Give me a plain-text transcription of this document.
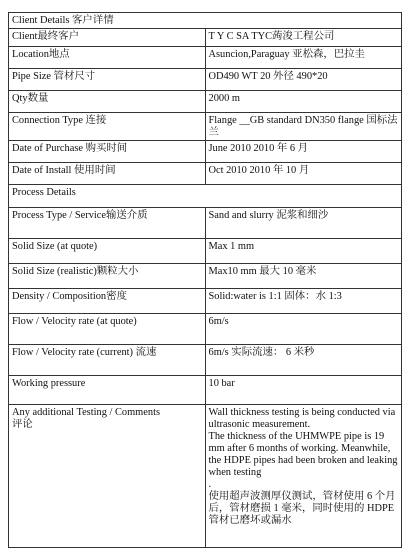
Client Details 客户详情	
Client最终客户	T Y C SA TYC蒟浚工程公司
Location地点	Asuncion,Paraguay 亚松森，巴拉圭
Pipe Size 管材尺寸	OD490 WT 20 外径 490*20
Qty数量	2000 m
Connection Type 连接	Flange __GB standard DN350 flange 国标法兰
Date of Purchase 购买时间	June 2010 2010 年 6 月
Date of Install 使用时间	Oct 2010 2010 年 10 月
Process Details	
Process Type / Service输送介质	Sand and slurry 泥浆和细沙
Solid Size (at quote)	Max 1 mm
Solid Size (realistic)颗粒大小	Max10 mm 最大 10 毫米
Density / Composition密度	Solid:water is 1:1 固体：水 1:3
Flow / Velocity rate (at quote)	6m/s
Flow / Velocity rate (current) 流速	6m/s 实际流速： 6 米秒
Working pressure	10 bar
Any additional Testing / Comments
评论	Wall thickness testing is being conducted via ultrasonic measurement.
The thickness of the UHMWPE pipe is 19 mm after 6 months of working. Meanwhile, the HDPE pipes had been broken and leaking when testing
.
使用超声波测厚仪测试，管材使用 6 个月后，管材磨损 1 毫米，同时使用的 HDPE 管材已磨坏或漏水
